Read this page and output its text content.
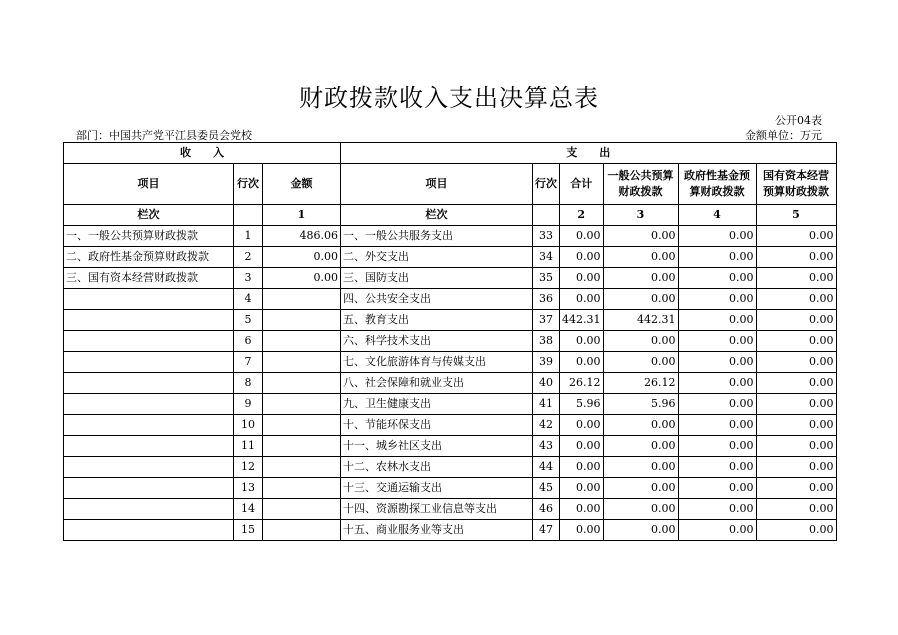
财政拨款收入支出决算总表
公开04表
部门：中国共产党平江县委员会党校	金额单位：万元
收　　入			支　　出					
项目	行次	金额	项目	行次	合计	一般公共预算财政拨款	政府性基金预算财政拨款	国有资本经营预算财政拨款
栏次		1	栏次		2	3	4	5
一、一般公共预算财政拨款	1	486.06	一、一般公共服务支出	33	0.00	0.00	0.00	0.00
二、政府性基金预算财政拨款	2	0.00	二、外交支出	34	0.00	0.00	0.00	0.00
三、国有资本经营财政拨款	3	0.00	三、国防支出	35	0.00	0.00	0.00	0.00
	4		四、公共安全支出	36	0.00	0.00	0.00	0.00
	5		五、教育支出	37	442.31	442.31	0.00	0.00
	6		六、科学技术支出	38	0.00	0.00	0.00	0.00
	7		七、文化旅游体育与传媒支出	39	0.00	0.00	0.00	0.00
	8		八、社会保障和就业支出	40	26.12	26.12	0.00	0.00
	9		九、卫生健康支出	41	5.96	5.96	0.00	0.00
	10		十、节能环保支出	42	0.00	0.00	0.00	0.00
	11		十一、城乡社区支出	43	0.00	0.00	0.00	0.00
	12		十二、农林水支出	44	0.00	0.00	0.00	0.00
	13		十三、交通运输支出	45	0.00	0.00	0.00	0.00
	14		十四、资源勘探工业信息等支出	46	0.00	0.00	0.00	0.00
	15		十五、商业服务业等支出	47	0.00	0.00	0.00	0.00
